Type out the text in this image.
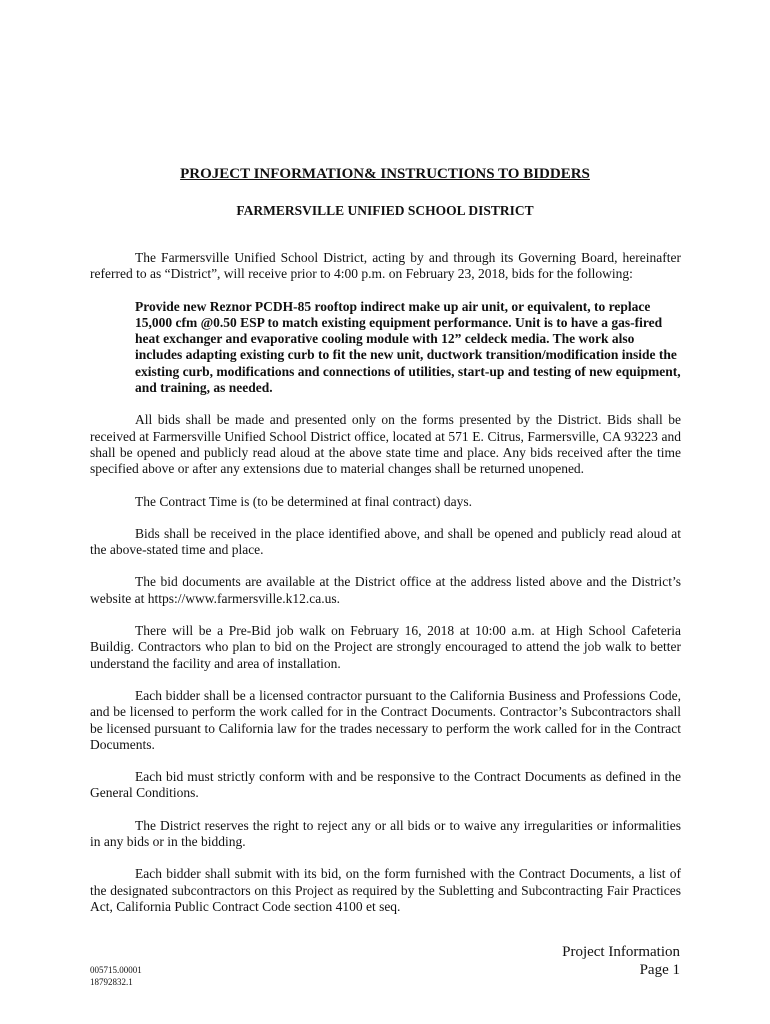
PROJECT INFORMATION& INSTRUCTIONS TO BIDDERS
FARMERSVILLE UNIFIED SCHOOL DISTRICT

The Farmersville Unified School District, acting by and through its Governing Board, hereinafter referred to as “District”, will receive prior to 4:00 p.m. on February 23, 2018, bids for the following:

Provide new Reznor PCDH-85 rooftop indirect make up air unit, or equivalent, to replace 15,000 cfm @0.50 ESP to match existing equipment performance. Unit is to have a gas-fired heat exchanger and evaporative cooling module with 12” celdeck media. The work also includes adapting existing curb to fit the new unit, ductwork transition/modification inside the existing curb, modifications and connections of utilities, start-up and testing of new equipment, and training, as needed.

All bids shall be made and presented only on the forms presented by the District. Bids shall be received at Farmersville Unified School District office, located at 571 E. Citrus, Farmersville, CA 93223 and shall be opened and publicly read aloud at the above state time and place. Any bids received after the time specified above or after any extensions due to material changes shall be returned unopened.

The Contract Time is (to be determined at final contract) days.

Bids shall be received in the place identified above, and shall be opened and publicly read aloud at the above-stated time and place.

The bid documents are available at the District office at the address listed above and the District’s website at https://www.farmersville.k12.ca.us.

There will be a Pre-Bid job walk on February 16, 2018 at 10:00 a.m. at High School Cafeteria Buildig. Contractors who plan to bid on the Project are strongly encouraged to attend the job walk to better understand the facility and area of installation.

Each bidder shall be a licensed contractor pursuant to the California Business and Professions Code, and be licensed to perform the work called for in the Contract Documents. Contractor’s Subcontractors shall be licensed pursuant to California law for the trades necessary to perform the work called for in the Contract Documents.

Each bid must strictly conform with and be responsive to the Contract Documents as defined in the General Conditions.

The District reserves the right to reject any or all bids or to waive any irregularities or informalities in any bids or in the bidding.

Each bidder shall submit with its bid, on the form furnished with the Contract Documents, a list of the designated subcontractors on this Project as required by the Subletting and Subcontracting Fair Practices Act, California Public Contract Code section 4100 et seq.

Project Information
Page 1
005715.00001
18792832.1
